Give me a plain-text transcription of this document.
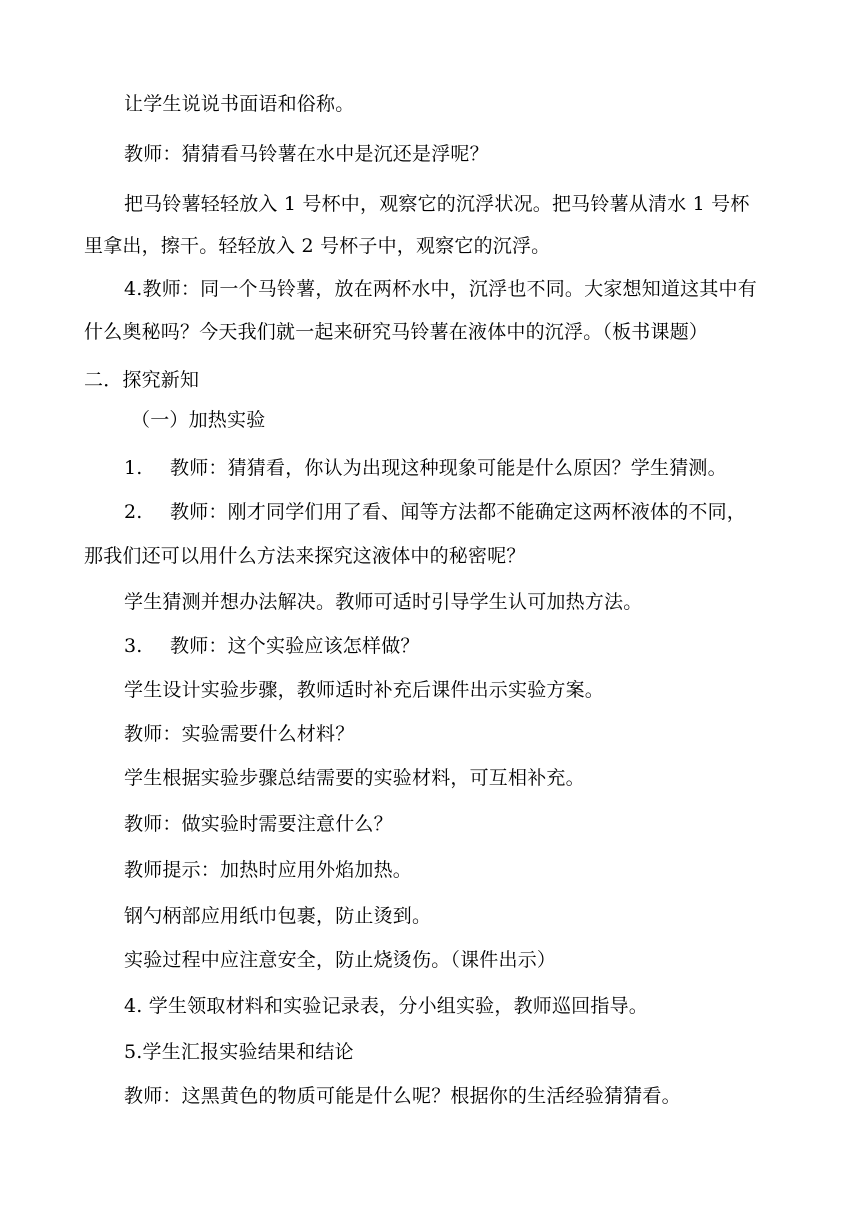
让学生说说书面语和俗称。
教师：猜猜看马铃薯在水中是沉还是浮呢？
把马铃薯轻轻放入 1 号杯中，观察它的沉浮状况。把马铃薯从清水 1 号杯
里拿出，擦干。轻轻放入 2 号杯子中，观察它的沉浮。
4.教师：同一个马铃薯，放在两杯水中，沉浮也不同。大家想知道这其中有
什么奥秘吗？今天我们就一起来研究马铃薯在液体中的沉浮。（板书课题）
二．探究新知
（一）加热实验
1. 教师：猜猜看，你认为出现这种现象可能是什么原因？学生猜测。
2. 教师：刚才同学们用了看、闻等方法都不能确定这两杯液体的不同，
那我们还可以用什么方法来探究这液体中的秘密呢？
学生猜测并想办法解决。教师可适时引导学生认可加热方法。
3. 教师：这个实验应该怎样做？
学生设计实验步骤，教师适时补充后课件出示实验方案。
教师：实验需要什么材料？
学生根据实验步骤总结需要的实验材料，可互相补充。
教师：做实验时需要注意什么？
教师提示：加热时应用外焰加热。
钢勺柄部应用纸巾包裹，防止烫到。
实验过程中应注意安全，防止烧烫伤。（课件出示）
4. 学生领取材料和实验记录表，分小组实验，教师巡回指导。
5.学生汇报实验结果和结论
教师：这黑黄色的物质可能是什么呢？根据你的生活经验猜猜看。
